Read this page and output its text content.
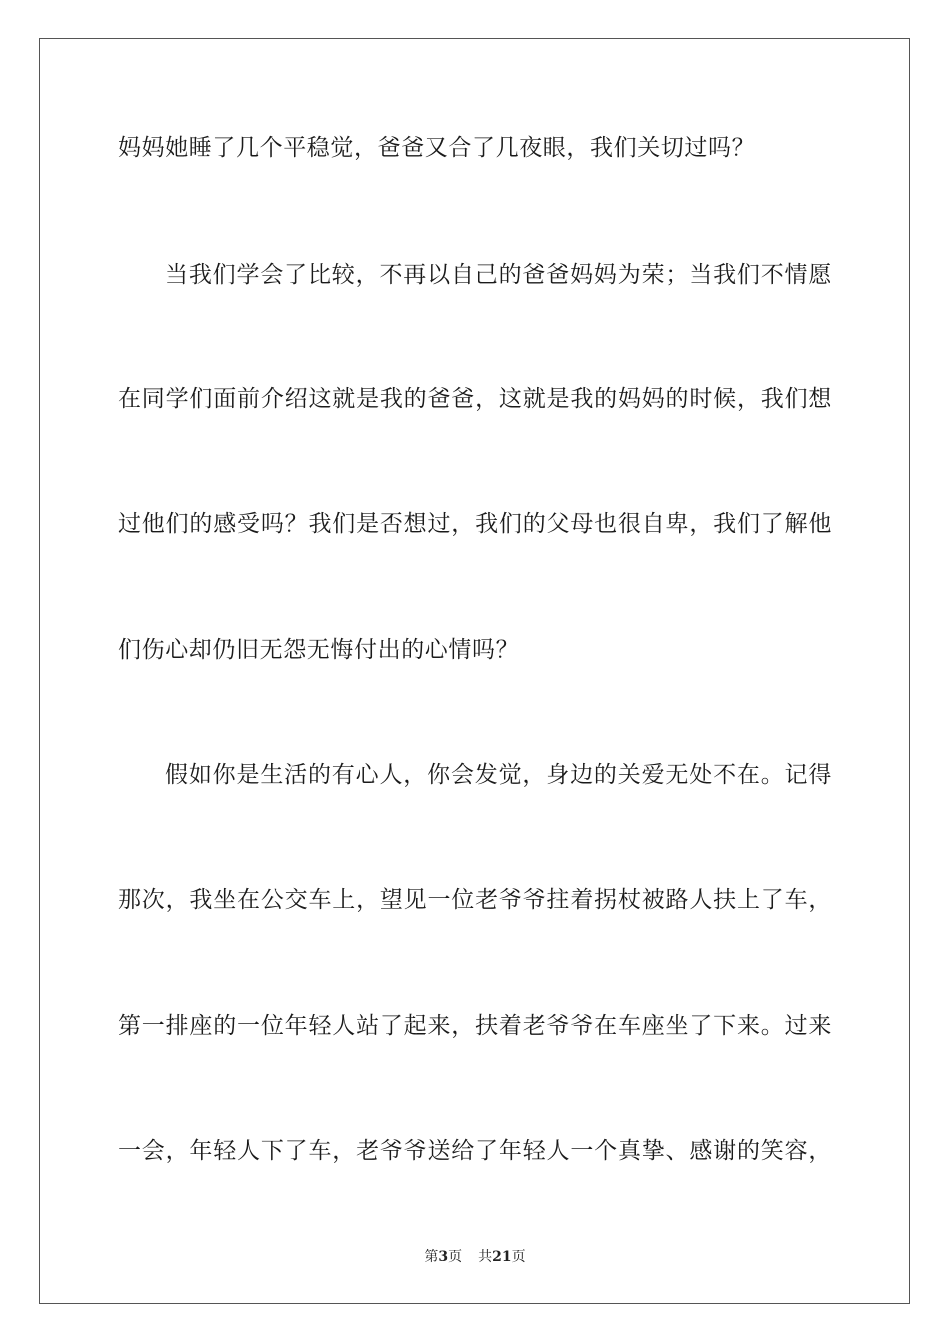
妈妈她睡了几个平稳觉，爸爸又合了几夜眼，我们关切过吗？
当我们学会了比较，不再以自己的爸爸妈妈为荣；当我们不情愿
在同学们面前介绍这就是我的爸爸，这就是我的妈妈的时候，我们想
过他们的感受吗？我们是否想过，我们的父母也很自卑，我们了解他
们伤心却仍旧无怨无悔付出的心情吗？
假如你是生活的有心人，你会发觉，身边的关爱无处不在。记得
那次，我坐在公交车上，望见一位老爷爷拄着拐杖被路人扶上了车，
第一排座的一位年轻人站了起来，扶着老爷爷在车座坐了下来。过来
一会，年轻人下了车，老爷爷送给了年轻人一个真挚、感谢的笑容，
第3页 共21页
